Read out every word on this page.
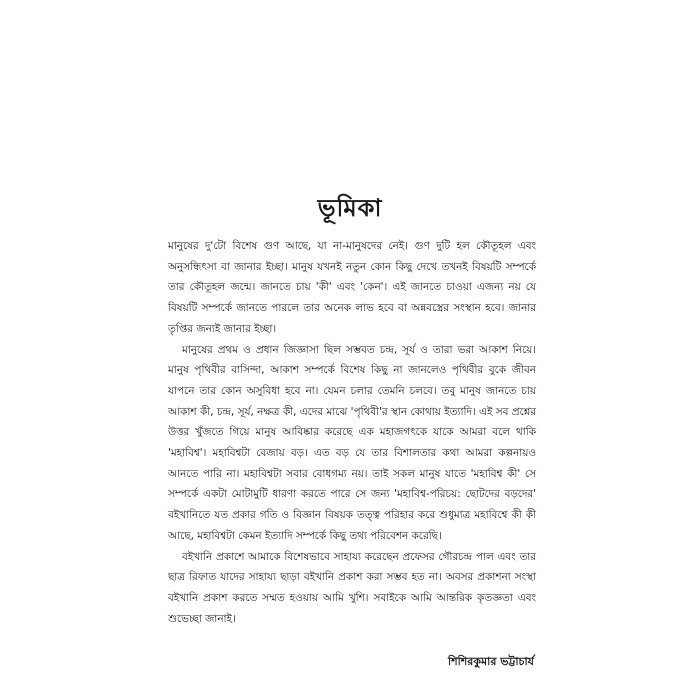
ভূমিকা

মানুষের দু'টো বিশেষ গুণ আছে, যা না-মানুষদের নেই। গুণ দুটি হল কৌতূহল এবং অনুসন্ধিৎসা বা জানার ইচ্ছা। মানুষ যখনই নতুন কোন কিছু দেখে তখনই বিষয়টি সম্পর্কে তার কৌতূহল জন্মে। জানতে চায় 'কী' এবং 'কেন'। এই জানতে চাওয়া এজন্য নয় যে বিষয়টি সম্পর্কে জানতে পারলে তার অনেক লাভ হবে বা অন্নবস্ত্রের সংস্থান হবে। জানার তৃপ্তির জন্যই জানার ইচ্ছা।

মানুষের প্রথম ও প্রধান জিজ্ঞাসা ছিল সম্ভবত চন্দ্র, সূর্য ও তারা ভরা আকাশ নিয়ে। মানুষ পৃথিবীর বাসিন্দা, আকাশ সম্পর্কে বিশেষ কিছু না জানলেও পৃথিবীর বুকে জীবন যাপনে তার কোন অসুবিধা হবে না। যেমন চলার তেমনি চলবে। তবু মানুষ জানতে চায় আকাশ কী, চন্দ্র, সূর্য, নক্ষত্র কী, এদের মাঝে 'পৃথিবী'র স্থান কোথায় ইত্যাদি। এই সব প্রশ্নের উত্তর খুঁজতে গিয়ে মানুষ আবিষ্কার করেছে এক মহাজগৎকে যাকে আমরা বলে থাকি 'মহাবিশ্ব'। মহাবিশ্বটা বেজায় বড়। এত বড় যে তার বিশালতার কথা আমরা কল্পনায়ও আনতে পারি না। মহাবিশ্বটা সবার বোধগম্য নয়। তাই সকল মানুষ যাতে 'মহাবিশ্ব কী' সে সম্পর্কে একটা মোটামুটি ধারণা করতে পারে সে জন্য 'মহাবিশ্ব-পরিচয়: ছোটদের বড়দের' বইখানিতে যত প্রকার গতি ও বিজ্ঞান বিষয়ক তত্ত্ব পরিহার করে শুধুমাত্র মহাবিশ্বে কী কী আছে, মহাবিশ্বটা কেমন ইত্যাদি সম্পর্কে কিছু তথ্য পরিবেশন করেছি।

বইখানি প্রকাশে আমাকে বিশেষভাবে সাহায্য করেছেন প্রফেসর গৌরচন্দ্র পাল এবং তার ছাত্র রিফাত যাদের সাহায্য ছাড়া বইখানি প্রকাশ করা সম্ভব হত না। অবসর প্রকাশনা সংস্থা বইখানি প্রকাশ করতে সম্মত হওয়ায় আমি খুশি। সবাইকে আমি আন্তরিক কৃতজ্ঞতা এবং শুভেচ্ছা জানাই।

শিশিরকুমার ভট্টাচার্য
